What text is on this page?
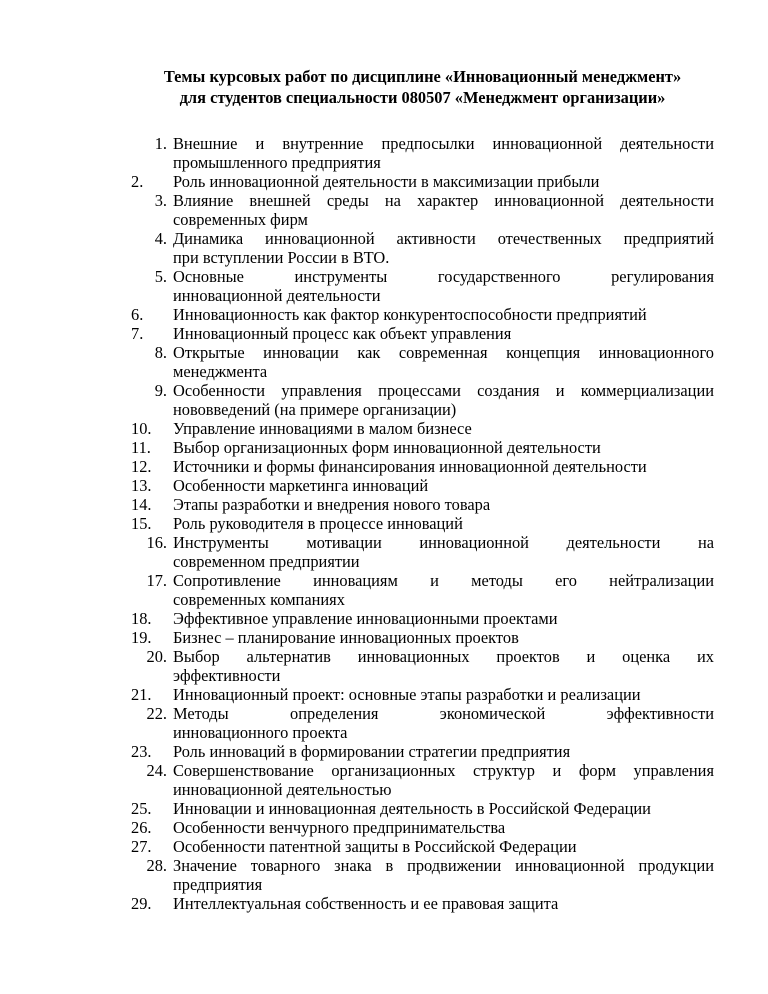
Темы курсовых работ по дисциплине «Инновационный менеджмент»
для студентов специальности 080507 «Менеджмент организации»
1. Внешние и внутренние предпосылки инновационной деятельности
промышленного предприятия
2.	Роль инновационной деятельности в максимизации прибыли
3. Влияние внешней среды на характер инновационной деятельности
современных фирм
4. Динамика инновационной активности отечественных предприятий
при вступлении России в ВТО.
5. Основные инструменты государственного регулирования
инновационной деятельности
6.	Инновационность как фактор конкурентоспособности предприятий
7.	Инновационный процесс как объект управления
8. Открытые инновации как современная концепция инновационного
менеджмента
9. Особенности управления процессами создания и коммерциализации
нововведений (на примере организации)
10.	Управление инновациями в малом бизнесе
11.	Выбор организационных форм инновационной деятельности
12.	Источники и формы финансирования инновационной деятельности
13.	Особенности маркетинга инноваций
14.	Этапы разработки и внедрения нового товара
15.	Роль руководителя в процессе инноваций
16. Инструменты мотивации инновационной деятельности на
современном предприятии
17. Сопротивление инновациям и методы его нейтрализации
современных компаниях
18.	Эффективное управление инновационными проектами
19.	Бизнес – планирование инновационных проектов
20. Выбор альтернатив инновационных проектов и оценка их
эффективности
21.	Инновационный проект: основные этапы разработки и реализации
22. Методы определения экономической эффективности
инновационного проекта
23.	Роль инноваций в формировании стратегии предприятия
24. Совершенствование организационных структур и форм управления
инновационной деятельностью
25.	Инновации и инновационная деятельность в Российской Федерации
26.	Особенности венчурного предпринимательства
27.	Особенности патентной защиты в Российской Федерации
28. Значение товарного знака в продвижении инновационной продукции
предприятия
29.	Интеллектуальная собственность и ее правовая защита
